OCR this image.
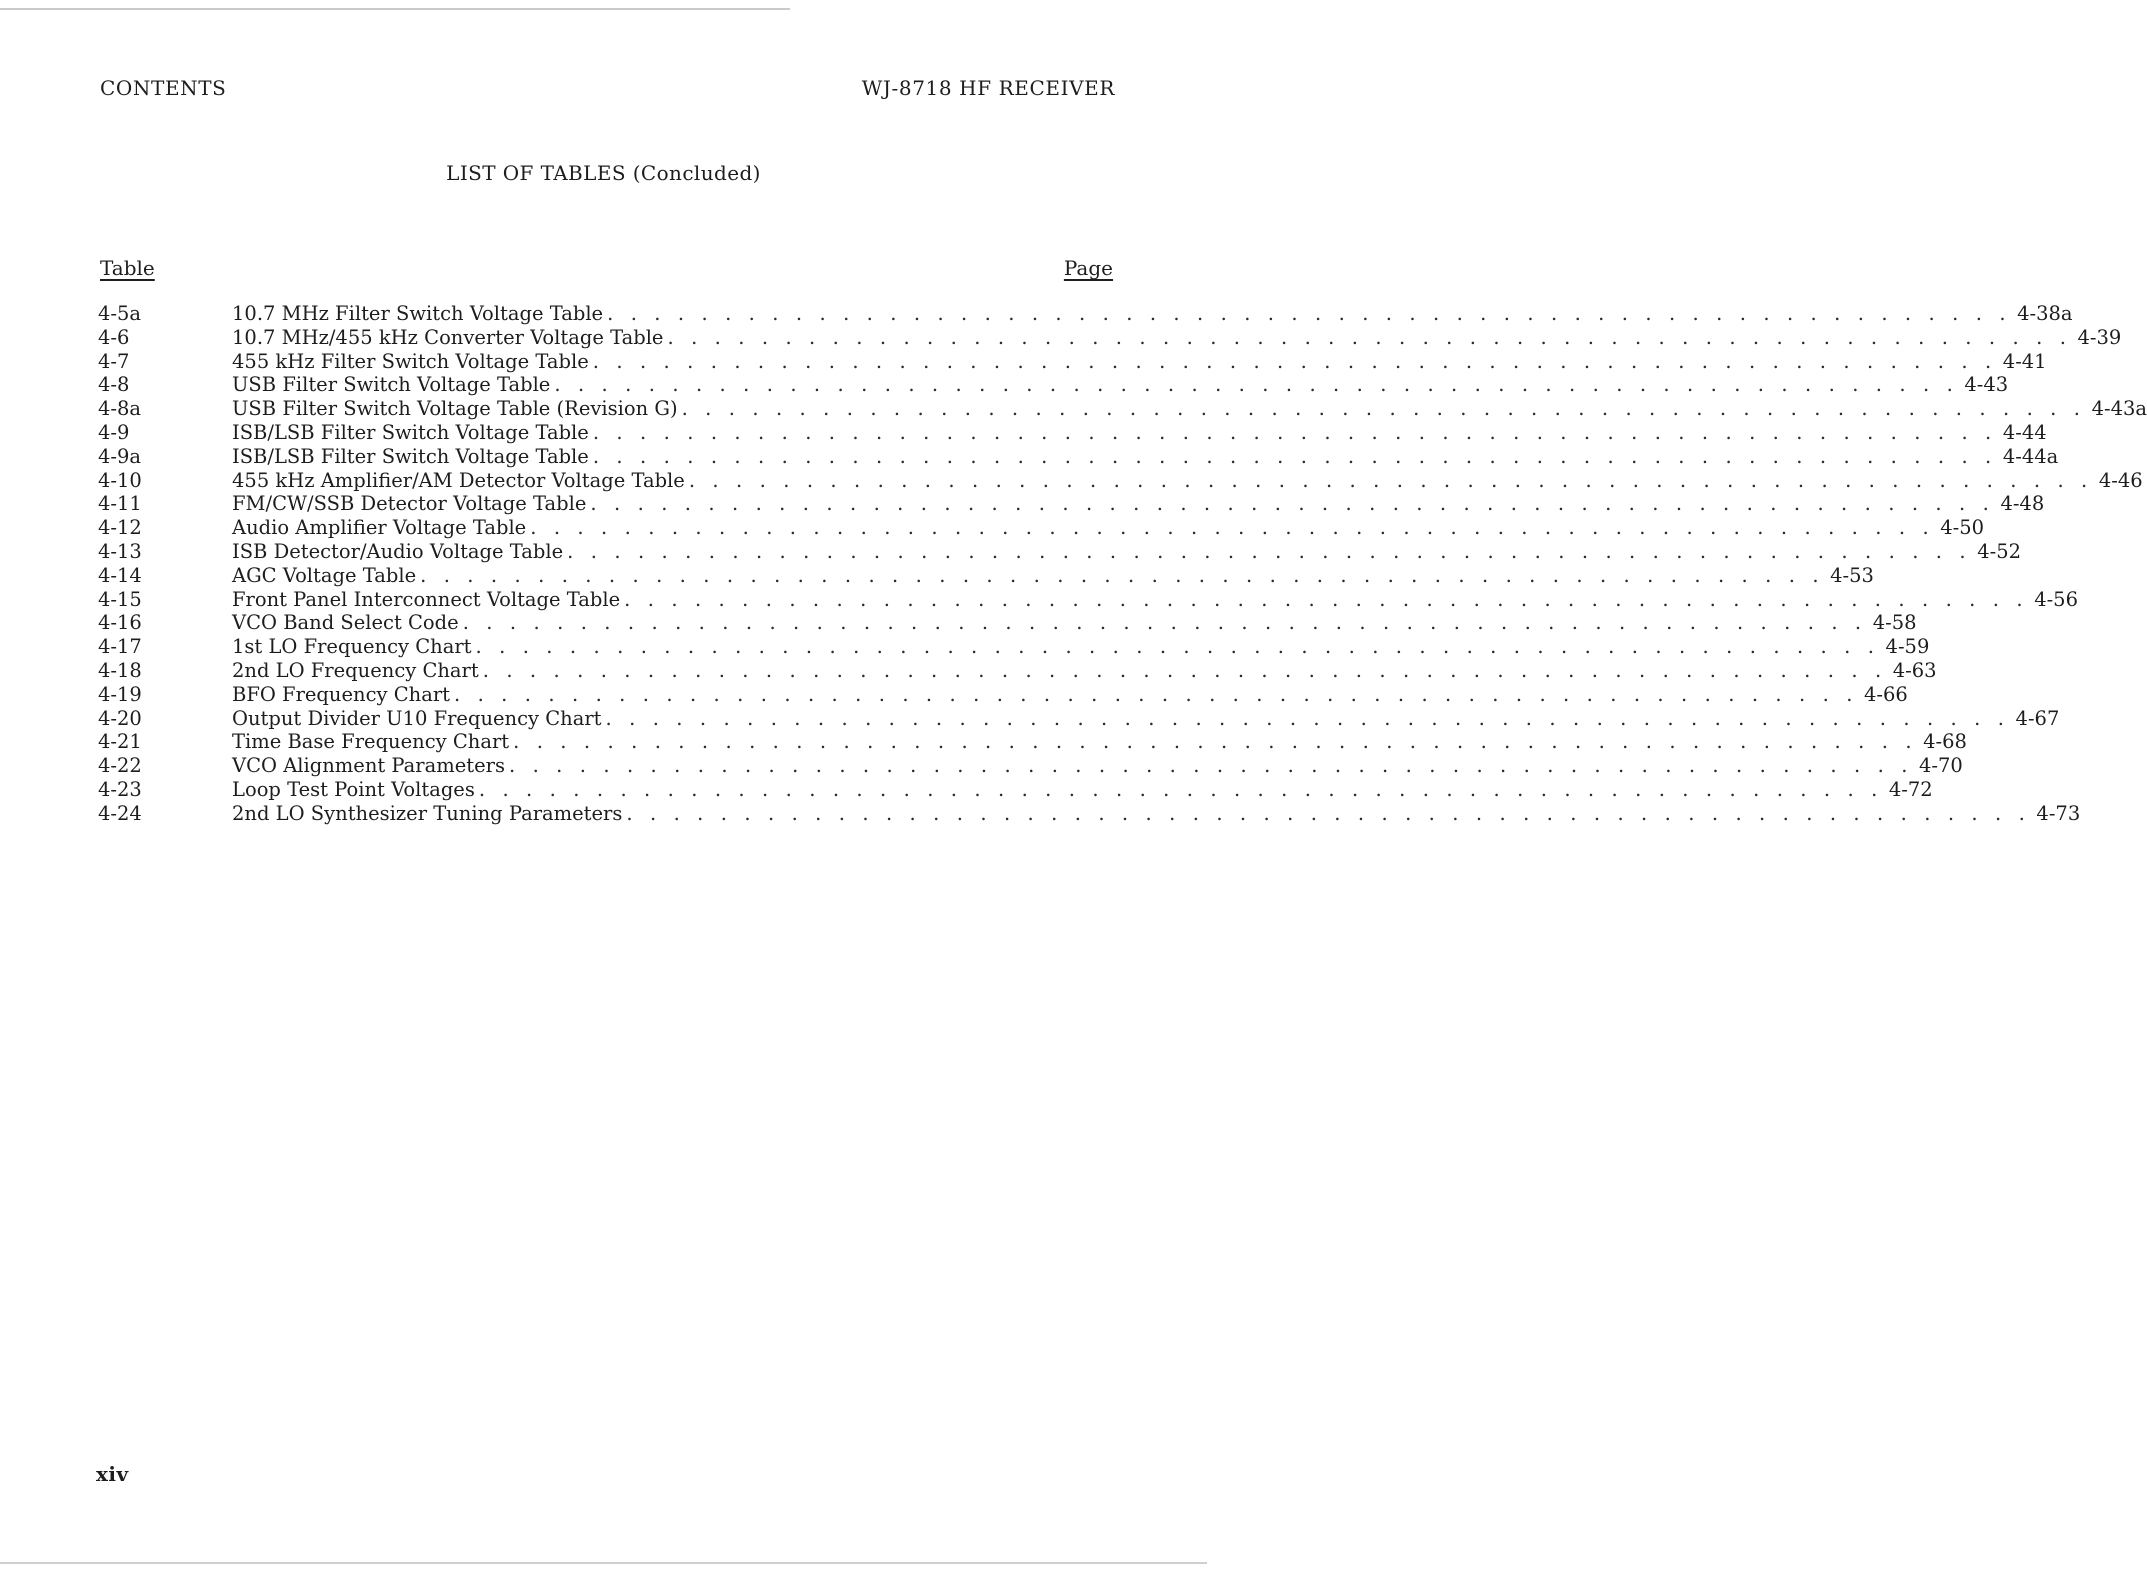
CONTENTS	WJ-8718 HF RECEIVER
LIST OF TABLES (Concluded)
Table	Page
4-5a	10.7 MHz Filter Switch Voltage Table . . . . . . . . . . . . . . . . . . . . . . . . . . . . . . . . . . . . . . . . . . . . . . . . . . . . . . . . . . . . 4-38a
4-6	10.7 MHz/455 kHz Converter Voltage Table . . . . . . . . . . . . . . . . . . . . . . . . . . . . . . . . . . . . . . . . . . . . . . . . . . . . . . . . . . . . 4-39
4-7	455 kHz Filter Switch Voltage Table . . . . . . . . . . . . . . . . . . . . . . . . . . . . . . . . . . . . . . . . . . . . . . . . . . . . . . . . . . . . 4-41
4-8	USB Filter Switch Voltage Table . . . . . . . . . . . . . . . . . . . . . . . . . . . . . . . . . . . . . . . . . . . . . . . . . . . . . . . . . . . . 4-43
4-8a	USB Filter Switch Voltage Table (Revision G) . . . . . . . . . . . . . . . . . . . . . . . . . . . . . . . . . . . . . . . . . . . . . . . . . . . . . . . . . . . . 4-43a
4-9	ISB/LSB Filter Switch Voltage Table . . . . . . . . . . . . . . . . . . . . . . . . . . . . . . . . . . . . . . . . . . . . . . . . . . . . . . . . . . . . 4-44
4-9a	ISB/LSB Filter Switch Voltage Table . . . . . . . . . . . . . . . . . . . . . . . . . . . . . . . . . . . . . . . . . . . . . . . . . . . . . . . . . . . . 4-44a
4-10	455 kHz Amplifier/AM Detector Voltage Table . . . . . . . . . . . . . . . . . . . . . . . . . . . . . . . . . . . . . . . . . . . . . . . . . . . . . . . . . . . . 4-46
4-11	FM/CW/SSB Detector Voltage Table . . . . . . . . . . . . . . . . . . . . . . . . . . . . . . . . . . . . . . . . . . . . . . . . . . . . . . . . . . . . 4-48
4-12	Audio Amplifier Voltage Table . . . . . . . . . . . . . . . . . . . . . . . . . . . . . . . . . . . . . . . . . . . . . . . . . . . . . . . . . . . . 4-50
4-13	ISB Detector/Audio Voltage Table . . . . . . . . . . . . . . . . . . . . . . . . . . . . . . . . . . . . . . . . . . . . . . . . . . . . . . . . . . . . 4-52
4-14	AGC Voltage Table . . . . . . . . . . . . . . . . . . . . . . . . . . . . . . . . . . . . . . . . . . . . . . . . . . . . . . . . . . . . 4-53
4-15	Front Panel Interconnect Voltage Table . . . . . . . . . . . . . . . . . . . . . . . . . . . . . . . . . . . . . . . . . . . . . . . . . . . . . . . . . . . . 4-56
4-16	VCO Band Select Code . . . . . . . . . . . . . . . . . . . . . . . . . . . . . . . . . . . . . . . . . . . . . . . . . . . . . . . . . . . . 4-58
4-17	1st LO Frequency Chart . . . . . . . . . . . . . . . . . . . . . . . . . . . . . . . . . . . . . . . . . . . . . . . . . . . . . . . . . . . . 4-59
4-18	2nd LO Frequency Chart . . . . . . . . . . . . . . . . . . . . . . . . . . . . . . . . . . . . . . . . . . . . . . . . . . . . . . . . . . . . 4-63
4-19	BFO Frequency Chart . . . . . . . . . . . . . . . . . . . . . . . . . . . . . . . . . . . . . . . . . . . . . . . . . . . . . . . . . . . . 4-66
4-20	Output Divider U10 Frequency Chart . . . . . . . . . . . . . . . . . . . . . . . . . . . . . . . . . . . . . . . . . . . . . . . . . . . . . . . . . . . . 4-67
4-21	Time Base Frequency Chart . . . . . . . . . . . . . . . . . . . . . . . . . . . . . . . . . . . . . . . . . . . . . . . . . . . . . . . . . . . . 4-68
4-22	VCO Alignment Parameters . . . . . . . . . . . . . . . . . . . . . . . . . . . . . . . . . . . . . . . . . . . . . . . . . . . . . . . . . . . . 4-70
4-23	Loop Test Point Voltages . . . . . . . . . . . . . . . . . . . . . . . . . . . . . . . . . . . . . . . . . . . . . . . . . . . . . . . . . . . . 4-72
4-24	2nd LO Synthesizer Tuning Parameters . . . . . . . . . . . . . . . . . . . . . . . . . . . . . . . . . . . . . . . . . . . . . . . . . . . . . . . . . . . . 4-73
xiv
